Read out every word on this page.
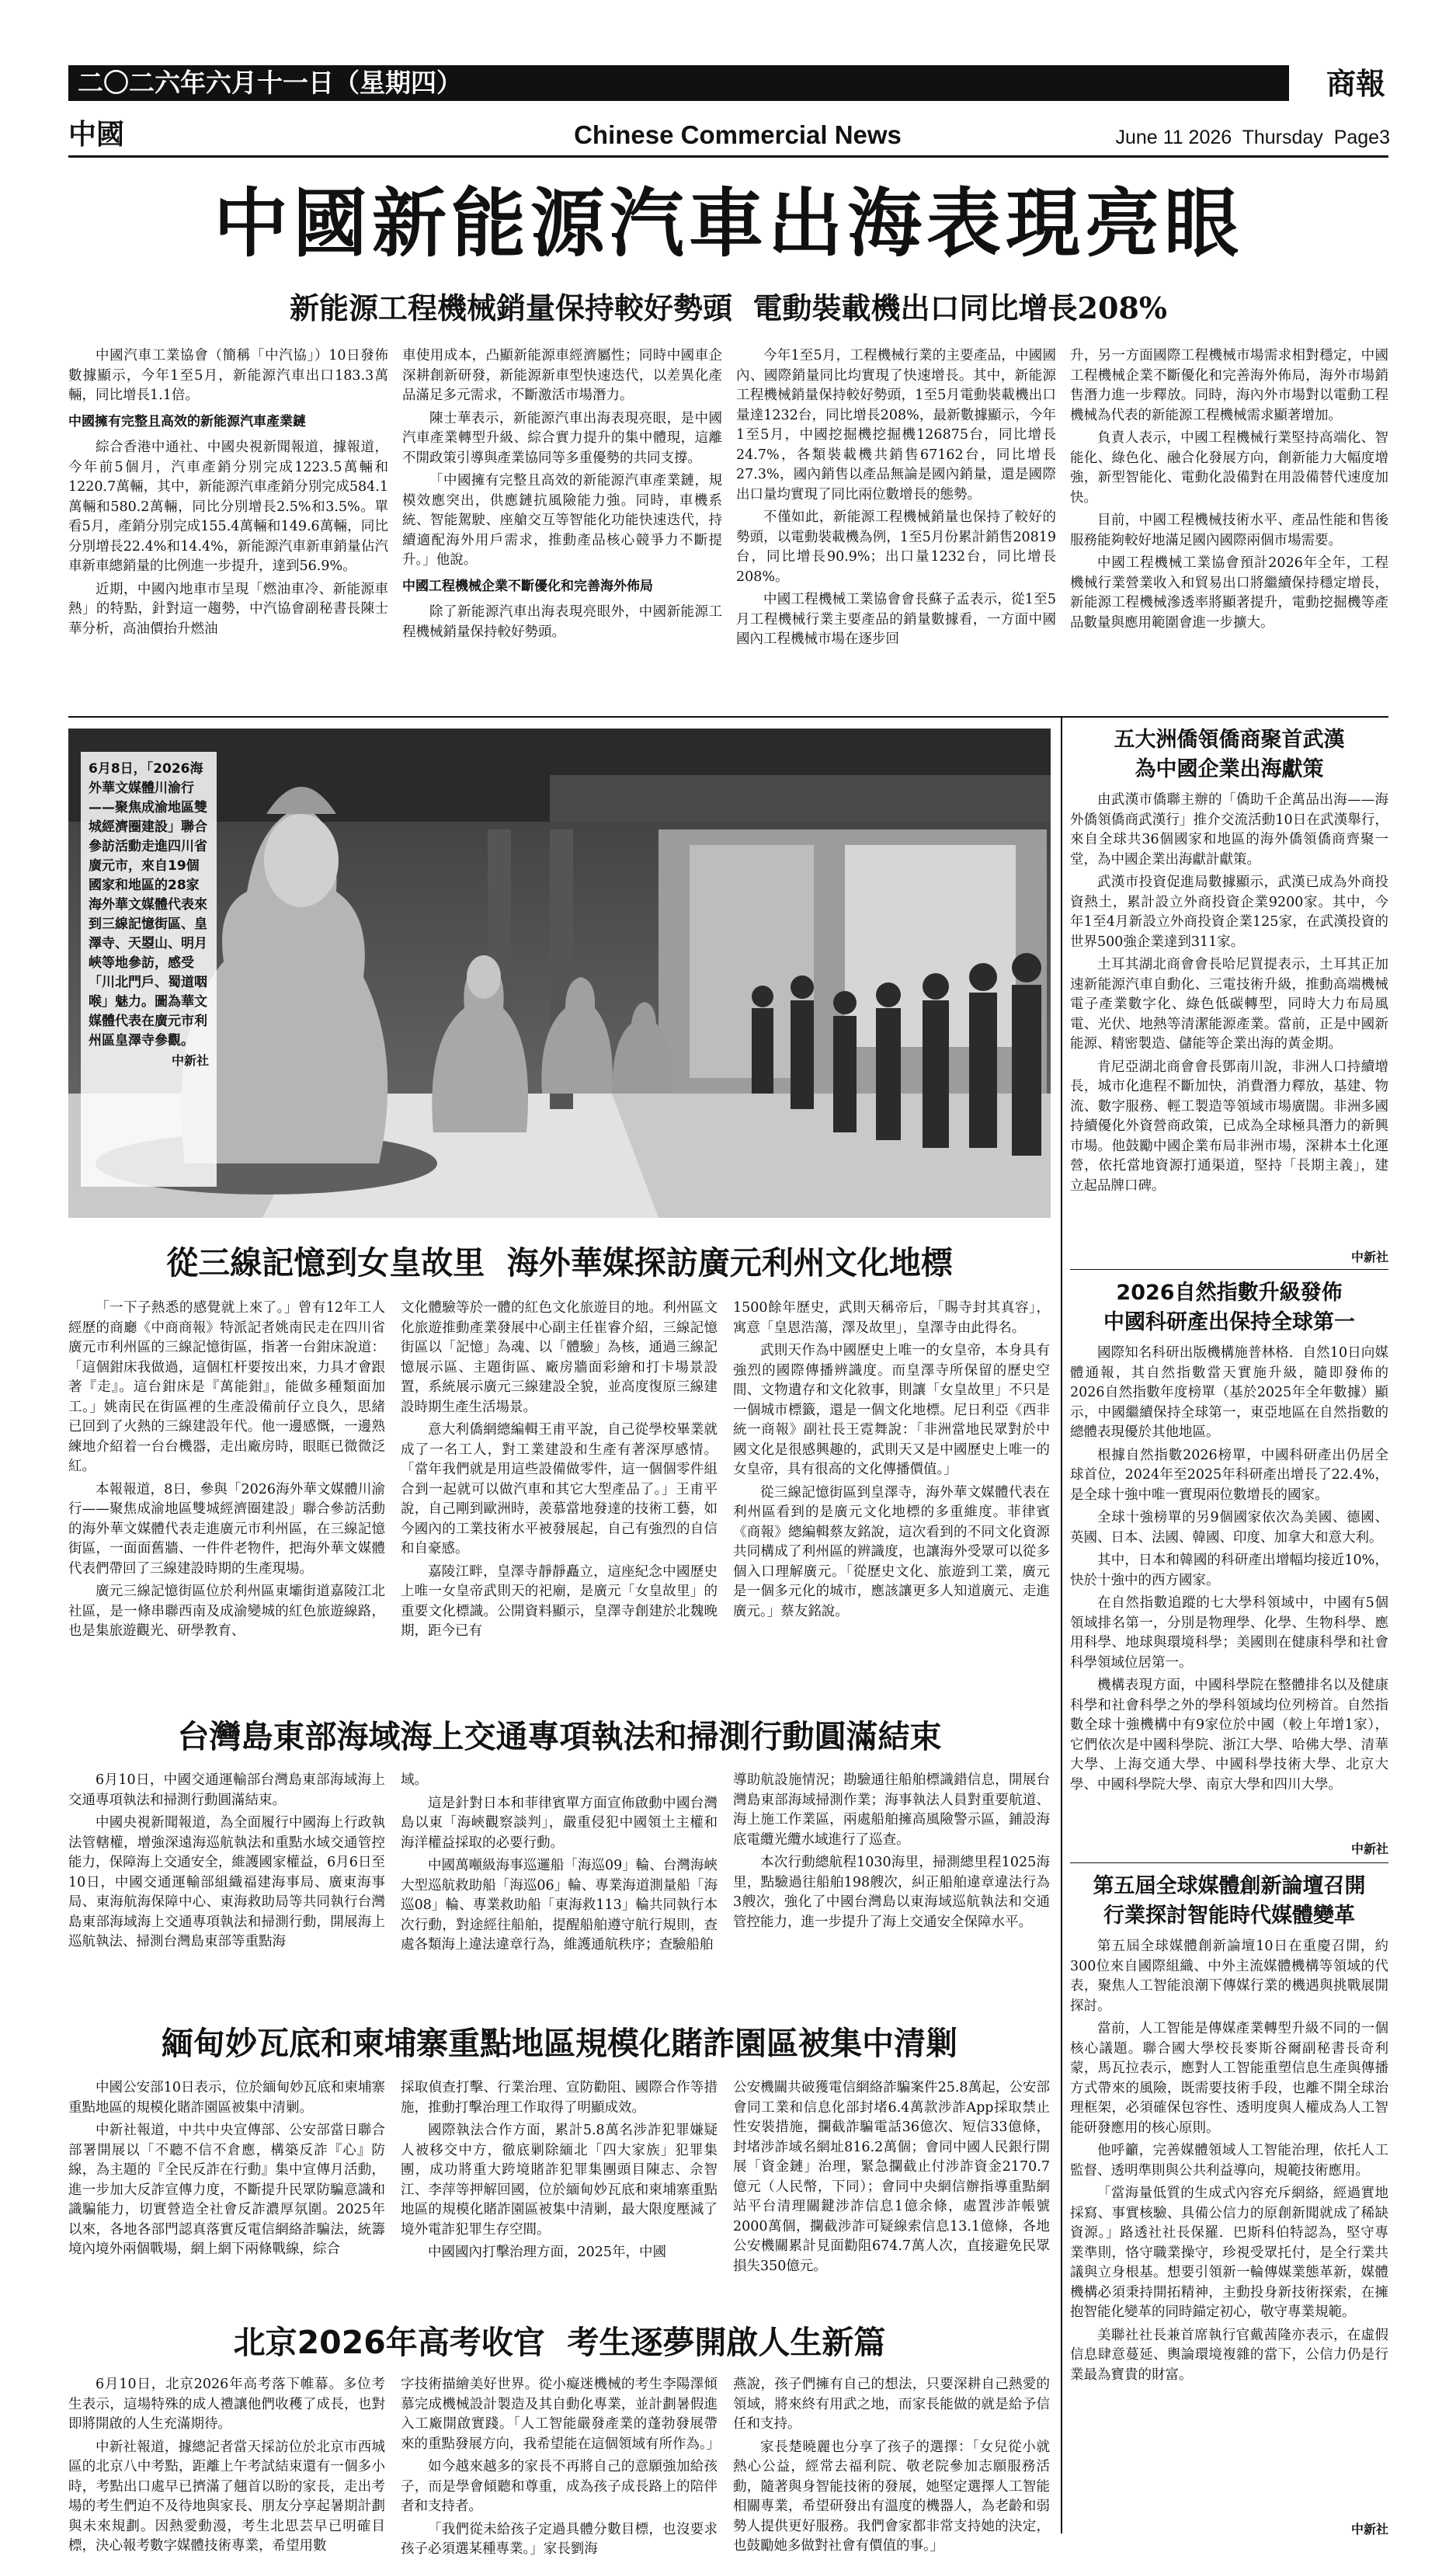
二〇二六年六月十一日（星期四）	商報
中國	Chinese Commercial News	June 11 2026  Thursday  Page3
中國新能源汽車出海表現亮眼
新能源工程機械銷量保持較好勢頭  電動裝載機出口同比增長208%

中國汽車工業協會（簡稱「中汽協」）10日發佈數據顯示，今年1至5月，新能源汽車出口183.3萬輛，同比增長1.1倍。

中國擁有完整且高效的新能源汽車產業鏈

綜合香港中通社、中國央視新聞報道，據報道，今年前5個月，汽車產銷分別完成1223.5萬輛和1220.7萬輛，其中，新能源汽車產銷分別完成584.1萬輛和580.2萬輛，同比分別增長2.5%和3.5%。單看5月，產銷分別完成155.4萬輛和149.6萬輛，同比分別增長22.4%和14.4%，新能源汽車新車銷量佔汽車新車總銷量的比例進一步提升，達到56.9%。

近期，中國內地車市呈現「燃油車冷、新能源車熱」的特點，針對這一趨勢，中汽協會副秘書長陳士華分析，高油價抬升燃油

車使用成本，凸顯新能源車經濟屬性；同時中國車企深耕創新研發，新能源新車型快速迭代，以差異化產品滿足多元需求，不斷激活市場潛力。

陳士華表示，新能源汽車出海表現亮眼，是中國汽車產業轉型升級、綜合實力提升的集中體現，這離不開政策引導與產業協同等多重優勢的共同支撐。

「中國擁有完整且高效的新能源汽車產業鏈，規模效應突出，供應鏈抗風險能力強。同時，車機系統、智能駕駛、座艙交互等智能化功能快速迭代，持續適配海外用戶需求，推動產品核心競爭力不斷提升。」他說。

中國工程機械企業不斷優化和完善海外佈局

除了新能源汽車出海表現亮眼外，中國新能源工程機械銷量保持較好勢頭。

今年1至5月，工程機械行業的主要產品，中國國內、國際銷量同比均實現了快速增長。其中，新能源工程機械銷量保持較好勢頭，1至5月電動裝載機出口量達1232台，同比增長208%，最新數據顯示，今年1至5月，中國挖掘機挖掘機126875台，同比增長24.7%，各類裝載機共銷售67162台，同比增長27.3%，國內銷售以產品無論是國內銷量，還是國際出口量均實現了同比兩位數增長的態勢。

不僅如此，新能源工程機械銷量也保持了較好的勢頭，以電動裝載機為例，1至5月份累計銷售20819台，同比增長90.9%；出口量1232台，同比增長208%。

中國工程機械工業協會會長蘇子孟表示，從1至5月工程機械行業主要產品的銷量數據看，一方面中國國內工程機械市場在逐步回

升，另一方面國際工程機械市場需求相對穩定，中國工程機械企業不斷優化和完善海外佈局，海外市場銷售潛力進一步釋放。同時，海內外市場對以電動工程機械為代表的新能源工程機械需求顯著增加。

負責人表示，中國工程機械行業堅持高端化、智能化、綠色化、融合化發展方向，創新能力大幅度增強，新型智能化、電動化設備對在用設備替代速度加快。

目前，中國工程機械技術水平、產品性能和售後服務能夠較好地滿足國內國際兩個市場需要。

中國工程機械工業協會預計2026年全年，工程機械行業營業收入和貿易出口將繼續保持穩定增長，新能源工程機械滲透率將顯著提升，電動挖掘機等產品數量與應用範圍會進一步擴大。

6月8日，「2026海外華文媒體川渝行——聚焦成渝地區雙城經濟圈建設」聯合參訪活動走進四川省廣元市，來自19個國家和地區的28家海外華文媒體代表來到三線記憶街區、皇澤寺、天曌山、明月峽等地參訪，感受「川北門戶、蜀道咽喉」魅力。圖為華文媒體代表在廣元市利州區皇澤寺參觀。
中新社
從三線記憶到女皇故里  海外華媒探訪廣元利州文化地標

「一下子熱悉的感覺就上來了。」曾有12年工人經歷的商廳《中商商報》特派記者姚南民走在四川省廣元市利州區的三線記憶街區，指著一台鉗床說道：「這個鉗床我做過，這個杠杆要按出來，力具才會跟著『走』。這台鉗床是『萬能鉗』，能做多種類面加工。」姚南民在街區裡的生產設備前仔立良久，思緒已回到了火熱的三線建設年代。他一邊感慨，一邊熟練地介紹着一台台機器，走出廠房時，眼眶已微微泛紅。

本報報道，8日，參與「2026海外華文媒體川渝行——聚焦成渝地區雙城經濟圈建設」聯合參訪活動的海外華文媒體代表走進廣元市利州區，在三線記憶街區，一面面舊牆、一件件老物件，把海外華文媒體代表們帶回了三線建設時期的生產現場。

廣元三線記憶街區位於利州區東壩街道嘉陵江北社區，是一條串聯西南及成渝變城的紅色旅遊線路，也是集旅遊觀光、研學教育、

文化體驗等於一體的紅色文化旅遊目的地。利州區文化旅遊推動產業發展中心副主任崔睿介紹，三線記憶街區以「記憶」為魂、以「體驗」為核，通過三線記憶展示區、主題街區、廠房牆面彩繪和打卡場景設置，系統展示廣元三線建設全貌，並高度復原三線建設時期生產生活場景。

意大利僑網總編輯王甫平說，自己從學校畢業就成了一名工人，對工業建設和生產有著深厚感情。「當年我們就是用這些設備做零件，這一個個零件組合到一起就可以做汽車和其它大型產品了。」王甫平說，自己剛到歐洲時，羨慕當地發達的技術工藝，如今國內的工業技術水平被發展起，自己有強烈的自信和自豪感。

嘉陵江畔，皇澤寺靜靜矗立，這座紀念中國歷史上唯一女皇帝武則天的祀廟，是廣元「女皇故里」的重要文化標識。公開資料顯示，皇澤寺創建於北魏晚期，距今已有

1500餘年歷史，武則天稱帝后，「賜寺封其真容」，寓意「皇恩浩蕩，澤及故里」，皇澤寺由此得名。

武則天作為中國歷史上唯一的女皇帝，本身具有強烈的國際傳播辨識度。而皇澤寺所保留的歷史空間、文物遺存和文化敘事，則讓「女皇故里」不只是一個城市標籤，還是一個文化地標。尼日利亞《西非統一商報》副社長王霓舞說：「非洲當地民眾對於中國文化是很感興趣的，武則天又是中國歷史上唯一的女皇帝，具有很高的文化傳播價值。」

從三線記憶街區到皇澤寺，海外華文媒體代表在利州區看到的是廣元文化地標的多重維度。菲律賓《商報》總編輯蔡友銘說，這次看到的不同文化資源共同構成了利州區的辨識度，也讓海外受眾可以從多個入口理解廣元。「從歷史文化、旅遊到工業，廣元是一個多元化的城市，應該讓更多人知道廣元、走進廣元。」蔡友銘說。

台灣島東部海域海上交通專項執法和掃測行動圓滿結束

6月10日，中國交通運輸部台灣島東部海域海上交通專項執法和掃測行動圓滿結束。

中國央視新聞報道，為全面履行中國海上行政執法管轄權，增強深遠海巡航執法和重點水域交通管控能力，保障海上交通安全，維護國家權益，6月6日至10日，中國交通運輸部組織福建海事局、廣東海事局、東海航海保障中心、東海救助局等共同執行台灣島東部海域海上交通專項執法和掃測行動，開展海上巡航執法、掃測台灣島東部等重點海

域。

這是針對日本和菲律賓單方面宣佈啟動中國台灣島以東「海峽觀察談判」，嚴重侵犯中國領土主權和海洋權益採取的必要行動。

中國萬噸級海事巡邏船「海巡09」輪、台灣海峽大型巡航救助船「海巡06」輪、專業海道測量船「海巡08」輪、專業救助船「東海救113」輪共同執行本次行動，對途經往船舶，提醒船舶遵守航行規則，查處各類海上違法違章行為，維護通航秩序；查驗船舶

導助航設施情況；勘驗通往船舶標識錯信息，開展台灣島東部海域掃測作業；海事執法人員對重要航道、海上施工作業區，兩處船舶擁高風險警示區，鋪設海底電纜光纜水域進行了巡查。

本次行動總航程1030海里，掃測總里程1025海里，點驗過往船舶198艘次，糾正船舶違章違法行為3艘次，強化了中國台灣島以東海域巡航執法和交通管控能力，進一步提升了海上交通安全保障水平。

緬甸妙瓦底和柬埔寨重點地區規模化賭詐園區被集中清剿

中國公安部10日表示，位於緬甸妙瓦底和柬埔寨重點地區的規模化賭詐園區被集中清剿。

中新社報道，中共中央宣傳部、公安部當日聯合部署開展以「不聽不信不倉應，構築反詐『心』防線，為主題的『全民反詐在行動』集中宣傳月活動，進一步加大反詐宣傳力度，不斷提升民眾防騙意識和識騙能力，切實營造全社會反詐濃厚氛圍。2025年以來，各地各部門認真落實反電信網絡詐騙法，統籌境內境外兩個戰場，網上網下兩條戰線，綜合

採取偵查打擊、行業治理、宣防勸阻、國際合作等措施，推動打擊治理工作取得了明顯成效。

國際執法合作方面，累計5.8萬名涉詐犯罪嫌疑人被移交中方，徹底剿除緬北「四大家族」犯罪集團，成功將重大跨境賭詐犯罪集團頭目陳志、佘智江、李萍等押解回國，位於緬甸妙瓦底和柬埔寨重點地區的規模化賭詐園區被集中清剿，最大限度壓減了境外電詐犯罪生存空間。

中國國內打擊治理方面，2025年，中國

公安機關共破獲電信網絡詐騙案件25.8萬起，公安部會同工業和信息化部封堵6.4萬款涉詐App採取禁止性安裝措施，攔截詐騙電話36億次、短信33億條，封堵涉詐域名網址816.2萬個；會同中國人民銀行開展「資金鏈」治理，緊急攔截止付涉詐資金2170.7億元（人民幣，下同）；會同中央網信辦指導重點網站平台清理關鍵涉詐信息1億余條，處置涉詐帳號2000萬個，攔截涉詐可疑線索信息13.1億條，各地公安機關累計見面勸阻674.7萬人次，直接避免民眾損失350億元。

北京2026年高考收官  考生逐夢開啟人生新篇

6月10日，北京2026年高考落下帷幕。多位考生表示，這場特殊的成人禮讓他們收穫了成長，也對即將開啟的人生充滿期待。

中新社報道，據總記者當天採訪位於北京市西城區的北京八中考點，距離上午考試結束還有一個多小時，考點出口處早已擠滿了翹首以盼的家長，走出考場的考生們迫不及待地與家長、朋友分享起暑期計劃與未來規劃。因熱愛動漫，考生北思芸早已明確目標，決心報考數字媒體技術專業，希望用數

字技術描繪美好世界。從小癡迷機械的考生李陽澤傾慕完成機械設計製造及其自動化專業，並計劃暑假進入工廠開啟實踐。「人工智能嚴發產業的蓬勃發展帶來的重點發展方向，我希望能在這個領域有所作為。」

如今越來越多的家長不再將自己的意願強加給孩子，而是學會傾聽和尊重，成為孩子成長路上的陪伴者和支持者。

「我們從未給孩子定過具體分數目標，也沒要求孩子必須選某種專業。」家長劉海

燕說，孩子們擁有自己的想法，只要深耕自己熱愛的領域，將來終有用武之地，而家長能做的就是給予信任和支持。

家長楚曉麗也分享了孩子的選擇：「女兒從小就熱心公益，經常去福利院、敬老院參加志願服務活動，隨著與身智能技術的發展，她堅定選擇人工智能相關專業，希望研發出有溫度的機器人，為老齡和弱勢人提供更好服務。我們會家都非常支持她的決定，也鼓勵她多做對社會有價值的事。」

五大洲僑領僑商聚首武漢
為中國企業出海獻策

由武漢市僑聯主辦的「僑助千企萬品出海——海外僑領僑商武漢行」推介交流活動10日在武漢舉行，來自全球共36個國家和地區的海外僑領僑商齊聚一堂，為中國企業出海獻計獻策。

武漢市投資促進局數據顯示，武漢已成為外商投資熱土，累計設立外商投資企業9200家。其中，今年1至4月新設立外商投資企業125家，在武漢投資的世界500強企業達到311家。

土耳其湖北商會會長哈尼買提表示，土耳其正加速新能源汽車自動化、三電技術升級，推動高端機械電子產業數字化、綠色低碳轉型，同時大力布局風電、光伏、地熱等清潔能源產業。當前，正是中國新能源、精密製造、儲能等企業出海的黃金期。

肯尼亞湖北商會會長鄧南川說，非洲人口持續增長，城市化進程不斷加快，消費潛力釋放，基建、物流、數字服務、輕工製造等領域市場廣闊。非洲多國持續優化外資營商政策，已成為全球極具潛力的新興市場。他鼓勵中國企業布局非洲市場，深耕本土化運營，依托當地資源打通渠道，堅持「長期主義」，建立起品牌口碑。

中新社
2026自然指數升級發佈
中國科研產出保持全球第一

國際知名科研出版機構施普林格．自然10日向媒體通報，其自然指數當天實施升級，隨即發佈的2026自然指數年度榜單（基於2025年全年數據）顯示，中國繼續保持全球第一，東亞地區在自然指數的總體表現優於其他地區。

根據自然指數2026榜單，中國科研產出仍居全球首位，2024年至2025年科研產出增長了22.4%，是全球十強中唯一實現兩位數增長的國家。

全球十強榜單的另9個國家依次為美國、德國、英國、日本、法國、韓國、印度、加拿大和意大利。

其中，日本和韓國的科研產出增幅均接近10%，快於十強中的西方國家。

在自然指數追蹤的七大學科領域中，中國有5個領域排名第一，分別是物理學、化學、生物科學、應用科學、地球與環境科學；美國則在健康科學和社會科學領域位居第一。

機構表現方面，中國科學院在整體排名以及健康科學和社會科學之外的學科領域均位列榜首。自然指數全球十強機構中有9家位於中國（較上年增1家），它們依次是中國科學院、浙江大學、哈佛大學、清華大學、上海交通大學、中國科學技術大學、北京大學、中國科學院大學、南京大學和四川大學。

中新社
第五屆全球媒體創新論壇召開
行業探討智能時代媒體變革

第五屆全球媒體創新論壇10日在重慶召開，約300位來自國際組織、中外主流媒體機構等領域的代表，聚焦人工智能浪潮下傳媒行業的機遇與挑戰展開探討。

當前，人工智能是傳媒產業轉型升級不同的一個核心議題。聯合國大學校長麥斯谷爾副秘書長奇利蒙，馬瓦拉表示，應對人工智能重塑信息生產與傳播方式帶來的風險，既需要技術手段，也離不開全球治理框架，必須確保包容性、透明度與人權成為人工智能研發應用的核心原則。

他呼籲，完善媒體領域人工智能治理，依托人工監督、透明準則與公共利益導向，規範技術應用。

「當海量低質的生成式內容充斥網絡，經過實地採寫、事實核驗、具備公信力的原創新聞就成了稀缺資源。」路透社社長保羅．巴斯科伯特認為，堅守專業準則，恪守職業操守，珍視受眾托付，是全行業共議與立身根基。想要引領新一輪傳媒業態革新，媒體機構必須秉持開拓精神，主動投身新技術探索，在擁抱智能化變革的同時錨定初心，敬守專業規範。

美聯社社長兼首席執行官戴茜隆亦表示，在虛假信息肆意蔓延、輿論環境複雜的當下，公信力仍是行業最為寶貴的財富。

中新社
